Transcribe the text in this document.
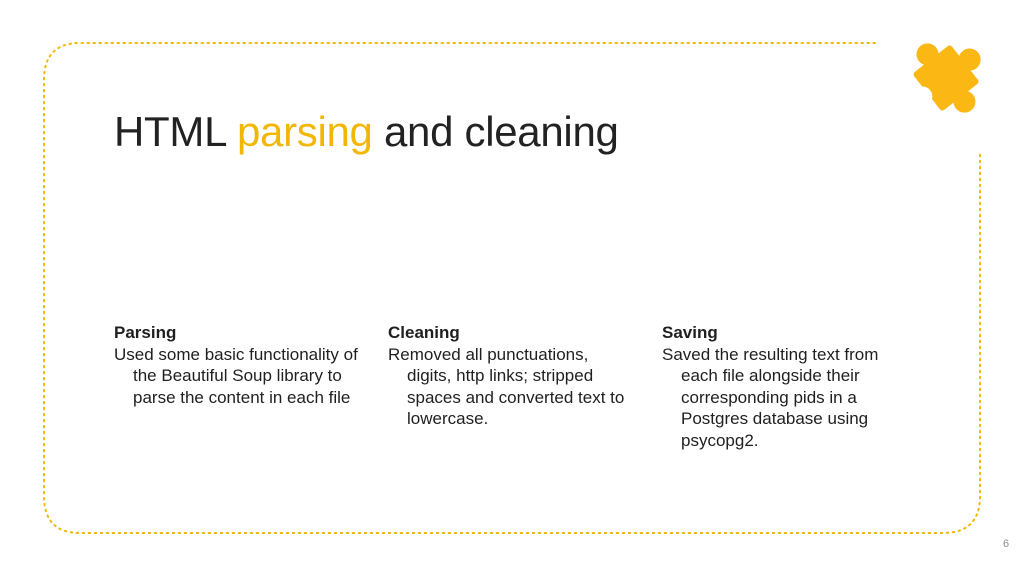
HTML parsing and cleaning
Parsing
Used some basic functionality of the Beautiful Soup library to parse the content in each file
Cleaning
Removed all punctuations, digits, http links; stripped spaces and converted text to lowercase.
Saving
Saved the resulting text from each file alongside their corresponding pids in a Postgres database using psycopg2.
6
